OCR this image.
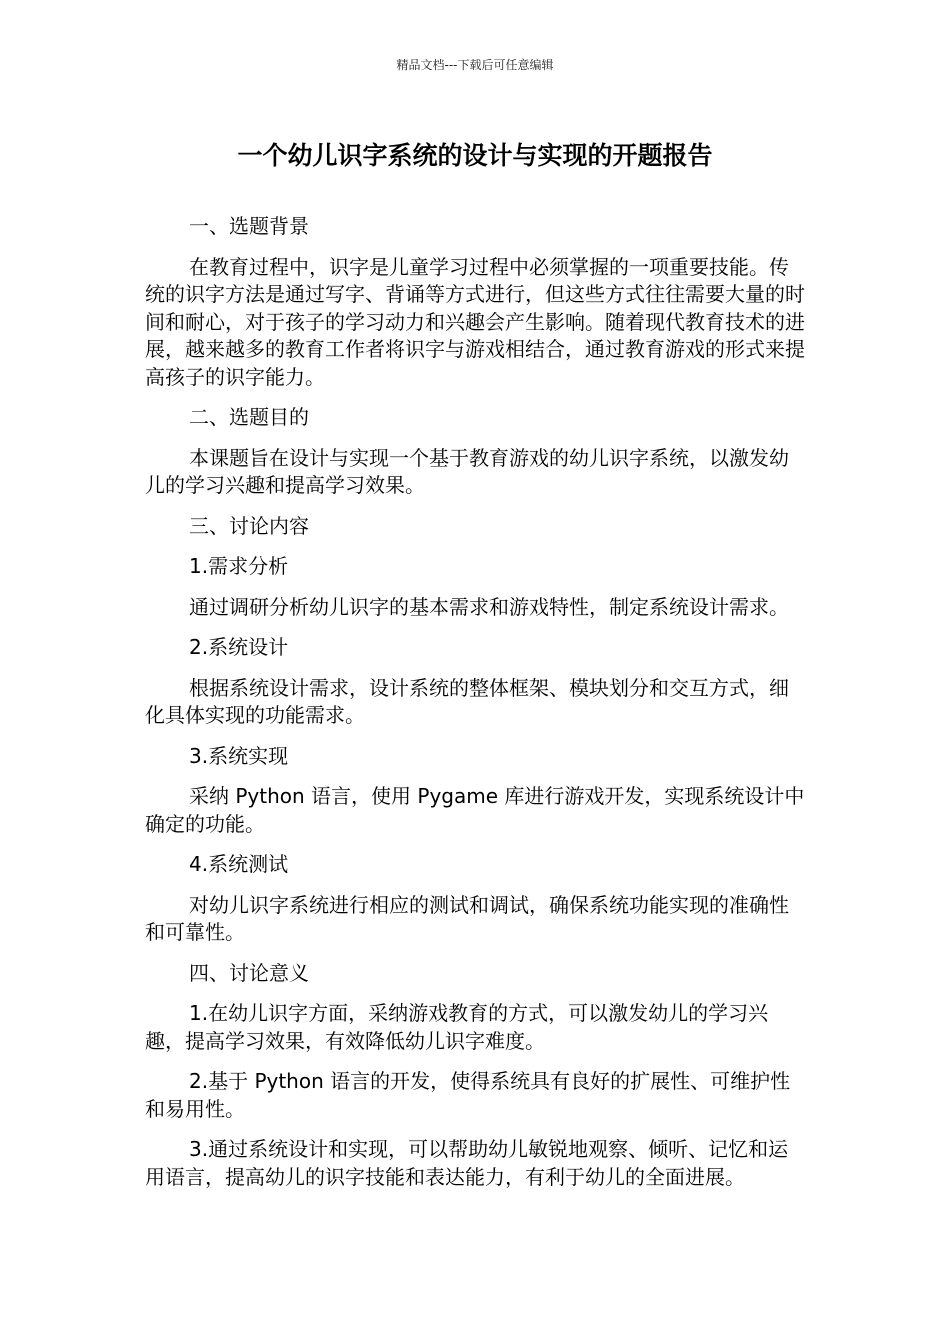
精品文档---下载后可任意编辑
一个幼儿识字系统的设计与实现的开题报告

一、选题背景

在教育过程中，识字是儿童学习过程中必须掌握的一项重要技能。传统的识字方法是通过写字、背诵等方式进行，但这些方式往往需要大量的时间和耐心，对于孩子的学习动力和兴趣会产生影响。随着现代教育技术的进展，越来越多的教育工作者将识字与游戏相结合，通过教育游戏的形式来提高孩子的识字能力。

二、选题目的

本课题旨在设计与实现一个基于教育游戏的幼儿识字系统，以激发幼儿的学习兴趣和提高学习效果。

三、讨论内容

1.需求分析

通过调研分析幼儿识字的基本需求和游戏特性，制定系统设计需求。

2.系统设计

根据系统设计需求，设计系统的整体框架、模块划分和交互方式，细化具体实现的功能需求。

3.系统实现

采纳 Python 语言，使用 Pygame 库进行游戏开发，实现系统设计中确定的功能。

4.系统测试

对幼儿识字系统进行相应的测试和调试，确保系统功能实现的准确性和可靠性。

四、讨论意义

1.在幼儿识字方面，采纳游戏教育的方式，可以激发幼儿的学习兴趣，提高学习效果，有效降低幼儿识字难度。

2.基于 Python 语言的开发，使得系统具有良好的扩展性、可维护性和易用性。

3.通过系统设计和实现，可以帮助幼儿敏锐地观察、倾听、记忆和运用语言，提高幼儿的识字技能和表达能力，有利于幼儿的全面进展。
